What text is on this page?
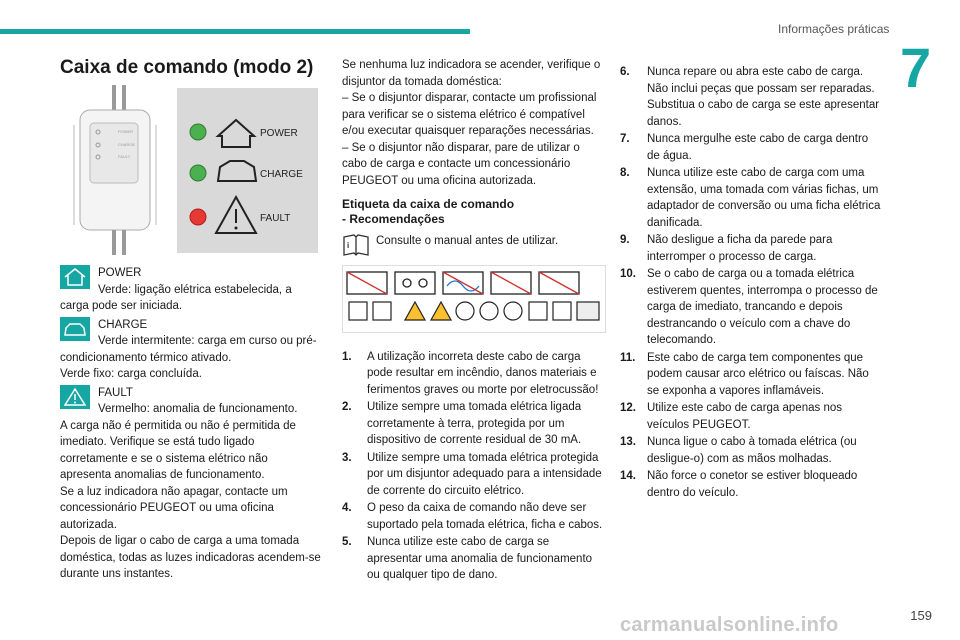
Informações práticas
7
Caixa de comando (modo 2)
POWER
CHARGE
FAULT
POWER
CHARGE
FAULT

POWER
Verde: ligação elétrica estabelecida, a carga pode ser iniciada.

CHARGE
Verde intermitente: carga em curso ou pré-condicionamento térmico ativado.
Verde fixo: carga concluída.

FAULT
Vermelho: anomalia de funcionamento.
A carga não é permitida ou não é permitida de imediato. Verifique se está tudo ligado corretamente e se o sistema elétrico não apresenta anomalias de funcionamento.
Se a luz indicadora não apagar, contacte um concessionário PEUGEOT ou uma oficina autorizada.
Depois de ligar o cabo de carga a uma tomada doméstica, todas as luzes indicadoras acendem-se durante uns instantes.

Se nenhuma luz indicadora se acender, verifique o disjuntor da tomada doméstica:

– Se o disjuntor disparar, contacte um profissional para verificar se o sistema elétrico é compatível e/ou executar quaisquer reparações necessárias.

– Se o disjuntor não disparar, pare de utilizar o cabo de carga e contacte um concessionário PEUGEOT ou uma oficina autorizada.

Etiqueta da caixa de comando
- Recomendações
i Consulte o manual antes de utilizar.
1. A utilização incorreta deste cabo de carga pode resultar em incêndio, danos materiais e ferimentos graves ou morte por eletrocussão!
2. Utilize sempre uma tomada elétrica ligada corretamente à terra, protegida por um dispositivo de corrente residual de 30 mA.
3. Utilize sempre uma tomada elétrica protegida por um disjuntor adequado para a intensidade de corrente do circuito elétrico.
4. O peso da caixa de comando não deve ser suportado pela tomada elétrica, ficha e cabos.
5. Nunca utilize este cabo de carga se apresentar uma anomalia de funcionamento ou qualquer tipo de dano.
6. Nunca repare ou abra este cabo de carga. Não inclui peças que possam ser reparadas. Substitua o cabo de carga se este apresentar danos.
7. Nunca mergulhe este cabo de carga dentro de água.
8. Nunca utilize este cabo de carga com uma extensão, uma tomada com várias fichas, um adaptador de conversão ou uma ficha elétrica danificada.
9. Não desligue a ficha da parede para interromper o processo de carga.
10. Se o cabo de carga ou a tomada elétrica estiverem quentes, interrompa o processo de carga de imediato, trancando e depois destrancando o veículo com a chave do telecomando.
11. Este cabo de carga tem componentes que podem causar arco elétrico ou faíscas. Não se exponha a vapores inflamáveis.
12. Utilize este cabo de carga apenas nos veículos PEUGEOT.
13. Nunca ligue o cabo à tomada elétrica (ou desligue-o) com as mãos molhadas.
14. Não force o conetor se estiver bloqueado dentro do veículo.
carmanualsonline.info	159
